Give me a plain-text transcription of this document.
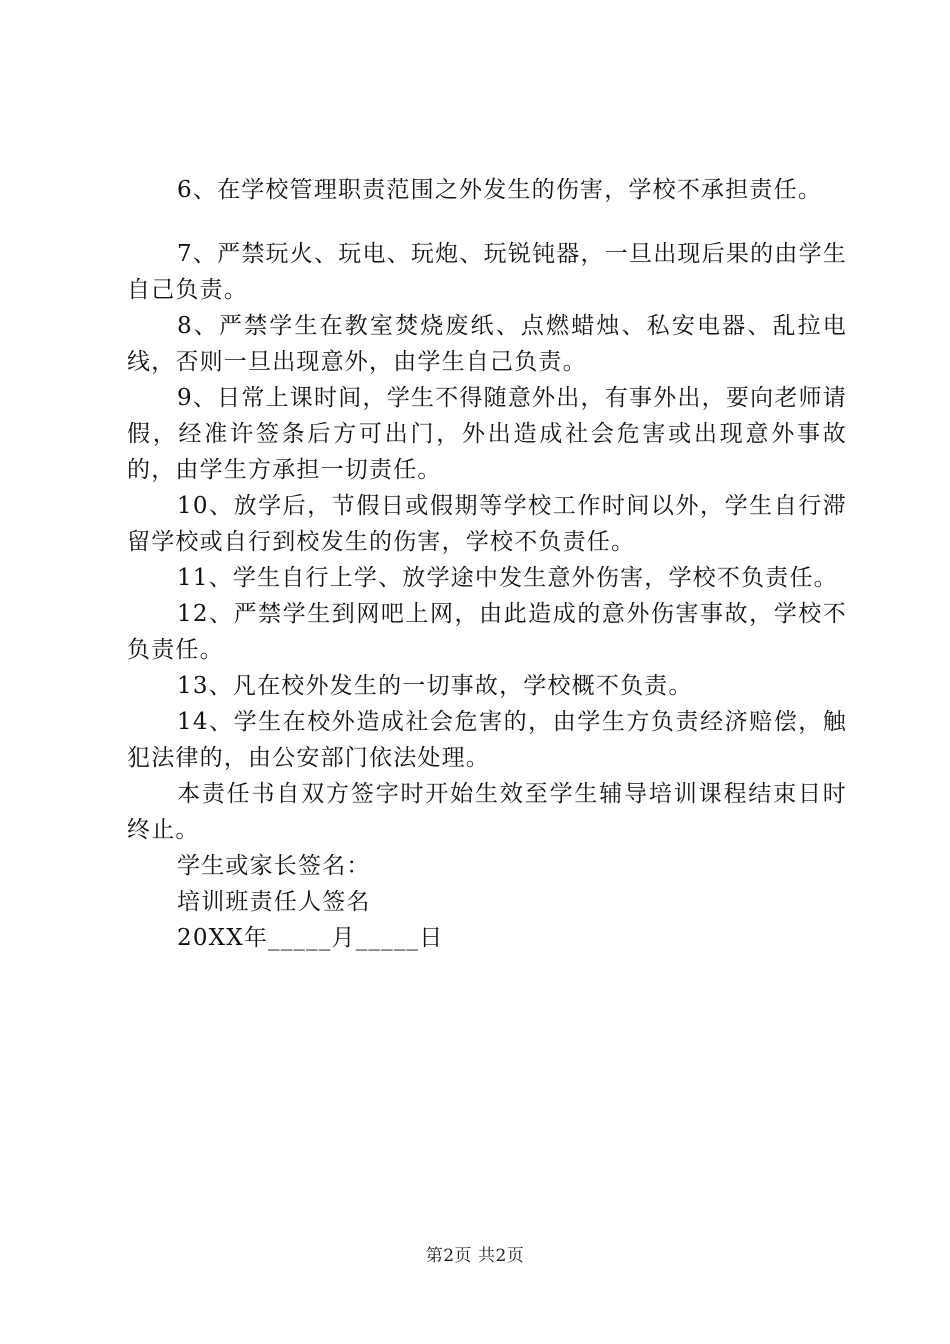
6、在学校管理职责范围之外发生的伤害，学校不承担责任。

7、严禁玩火、玩电、玩炮、玩锐钝器，一旦出现后果的由学生自己负责。

8、严禁学生在教室焚烧废纸、点燃蜡烛、私安电器、乱拉电线，否则一旦出现意外，由学生自己负责。

9、日常上课时间，学生不得随意外出，有事外出，要向老师请假，经准许签条后方可出门，外出造成社会危害或出现意外事故的，由学生方承担一切责任。

10、放学后，节假日或假期等学校工作时间以外，学生自行滞留学校或自行到校发生的伤害，学校不负责任。

11、学生自行上学、放学途中发生意外伤害，学校不负责任。

12、严禁学生到网吧上网，由此造成的意外伤害事故，学校不负责任。

13、凡在校外发生的一切事故，学校概不负责。

14、学生在校外造成社会危害的，由学生方负责经济赔偿，触犯法律的，由公安部门依法处理。

本责任书自双方签字时开始生效至学生辅导培训课程结束日时终止。

学生或家长签名：

培训班责任人签名

20XX年_____月_____日

第2页 共2页
